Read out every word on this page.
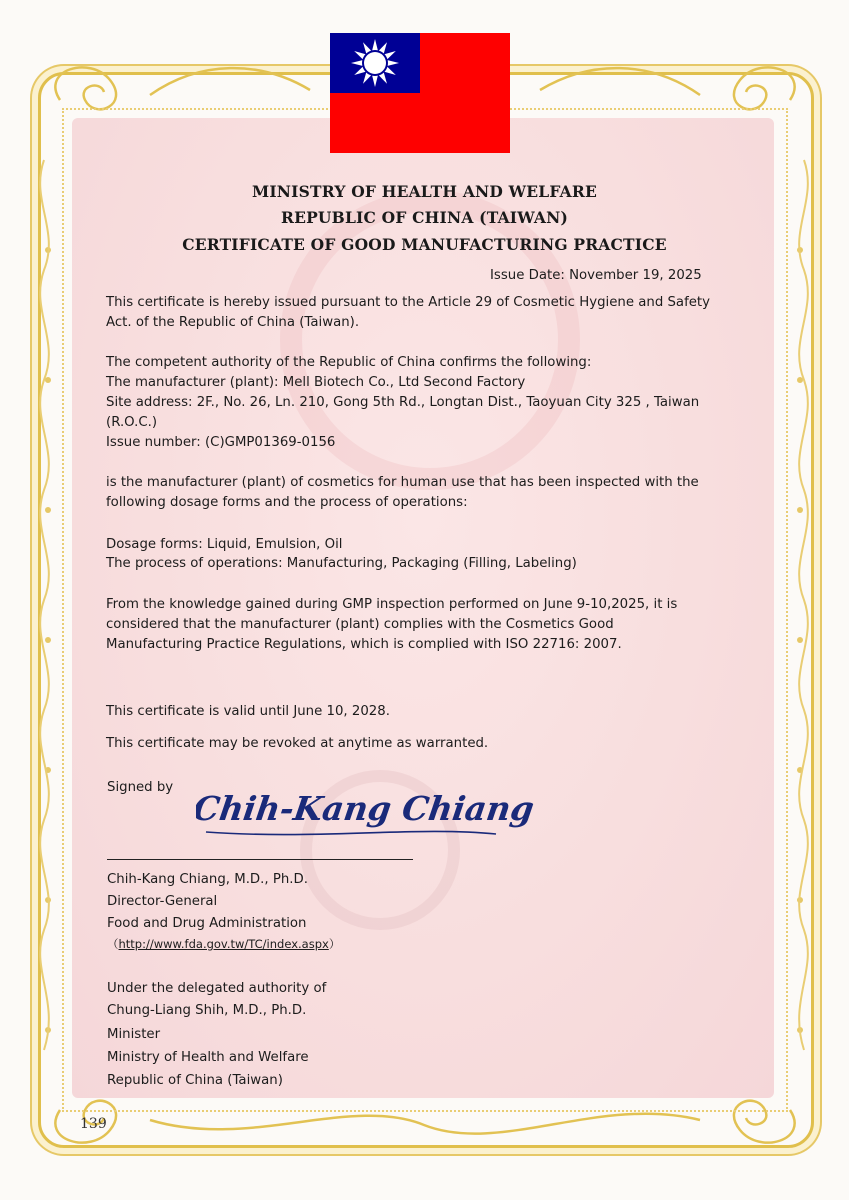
MINISTRY OF HEALTH AND WELFARE
REPUBLIC OF CHINA (TAIWAN)
CERTIFICATE OF GOOD MANUFACTURING PRACTICE
Issue Date: November 19, 2025
This certificate is hereby issued pursuant to the Article 29 of Cosmetic Hygiene and Safety
Act. of the Republic of China (Taiwan).
The competent authority of the Republic of China confirms the following:
The manufacturer (plant): Mell Biotech Co., Ltd Second Factory
Site address: 2F., No. 26, Ln. 210, Gong 5th Rd., Longtan Dist., Taoyuan City 325 , Taiwan
(R.O.C.)
Issue number: (C)GMP01369-0156
is the manufacturer (plant) of cosmetics for human use that has been inspected with the
following dosage forms and the process of operations:
Dosage forms: Liquid, Emulsion, Oil
The process of operations: Manufacturing, Packaging (Filling, Labeling)
From the knowledge gained during GMP inspection performed on June 9-10,2025, it is
considered that the manufacturer (plant) complies with the Cosmetics Good
Manufacturing Practice Regulations, which is complied with ISO 22716: 2007.
This certificate is valid until June 10, 2028.
This certificate may be revoked at anytime as warranted.
Signed by
Chih-Kang Chiang
Chih-Kang Chiang, M.D., Ph.D.
Director-General
Food and Drug Administration
（http://www.fda.gov.tw/TC/index.aspx）
Under the delegated authority of
Chung-Liang Shih, M.D., Ph.D.
Minister
Ministry of Health and Welfare
Republic of China (Taiwan)
139
